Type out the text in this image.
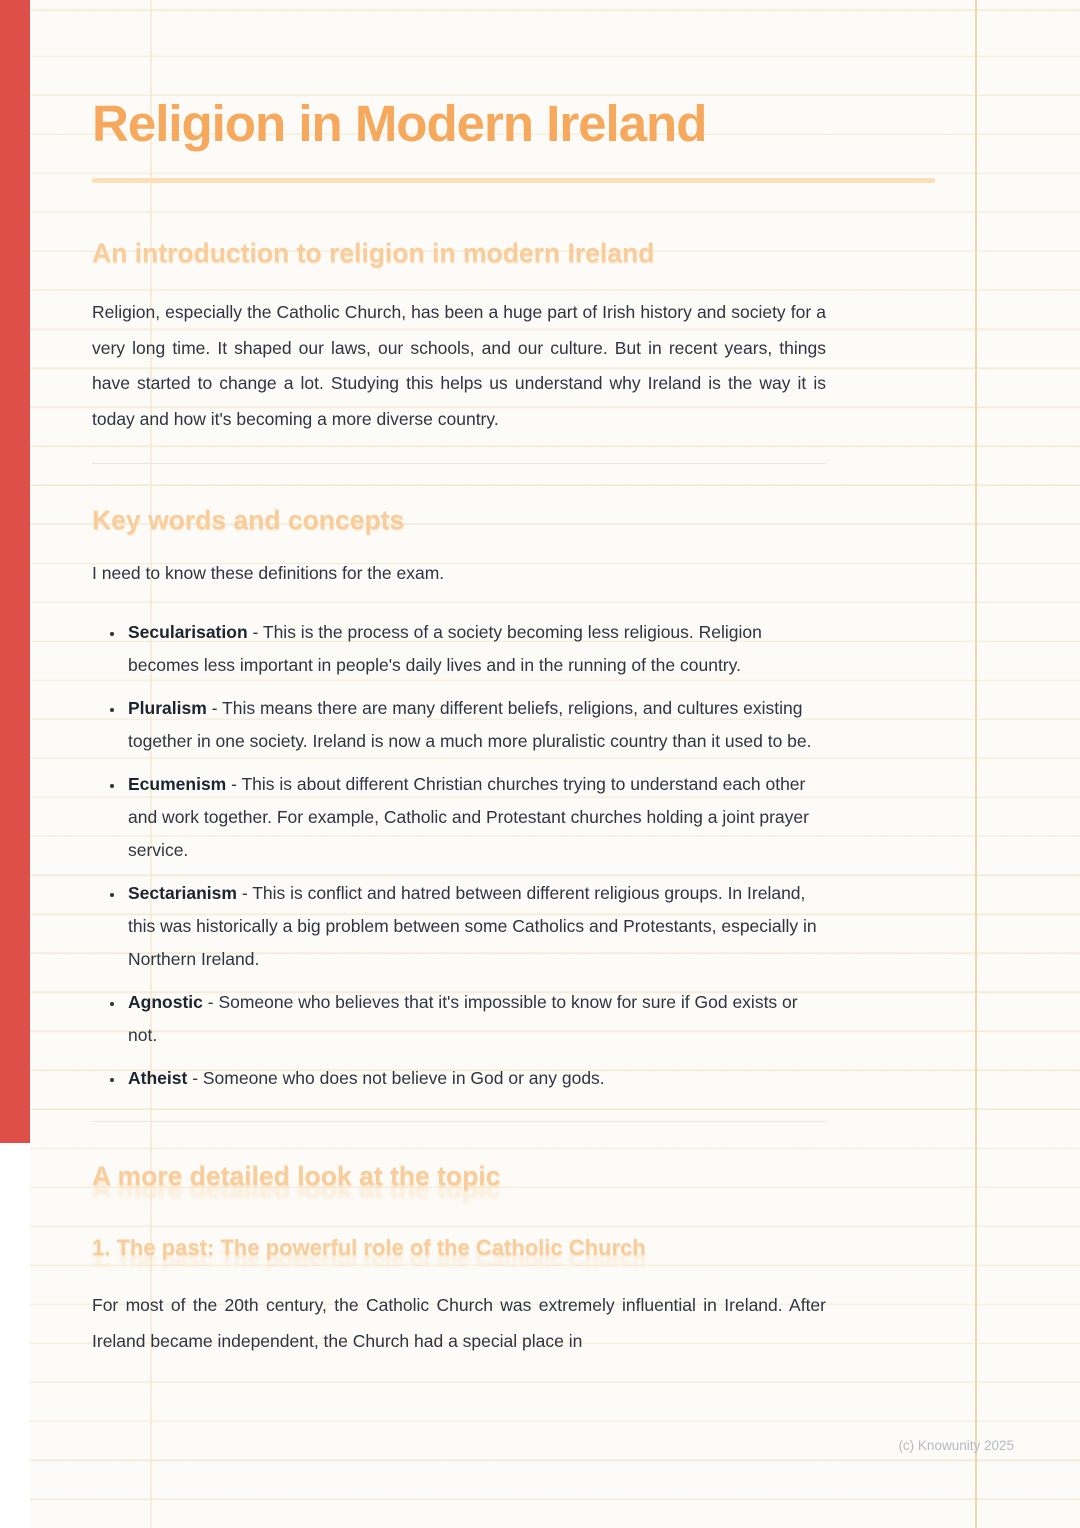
Religion in Modern Ireland
An introduction to religion in modern Ireland

Religion, especially the Catholic Church, has been a huge part of Irish history and society for a very long time. It shaped our laws, our schools, and our culture. But in recent years, things have started to change a lot. Studying this helps us understand why Ireland is the way it is today and how it's becoming a more diverse country.

Key words and concepts

I need to know these definitions for the exam.

• Secularisation - This is the process of a society becoming less religious. Religion becomes less important in people's daily lives and in the running of the country.
• Pluralism - This means there are many different beliefs, religions, and cultures existing together in one society. Ireland is now a much more pluralistic country than it used to be.
• Ecumenism - This is about different Christian churches trying to understand each other and work together. For example, Catholic and Protestant churches holding a joint prayer service.
• Sectarianism - This is conflict and hatred between different religious groups. In Ireland, this was historically a big problem between some Catholics and Protestants, especially in Northern Ireland.
• Agnostic - Someone who believes that it's impossible to know for sure if God exists or not.
• Atheist - Someone who does not believe in God or any gods.
A more detailed look at the topic
1. The past: The powerful role of the Catholic Church

For most of the 20th century, the Catholic Church was extremely influential in Ireland. After Ireland became independent, the Church had a special place in

(c) Knowunity 2025
